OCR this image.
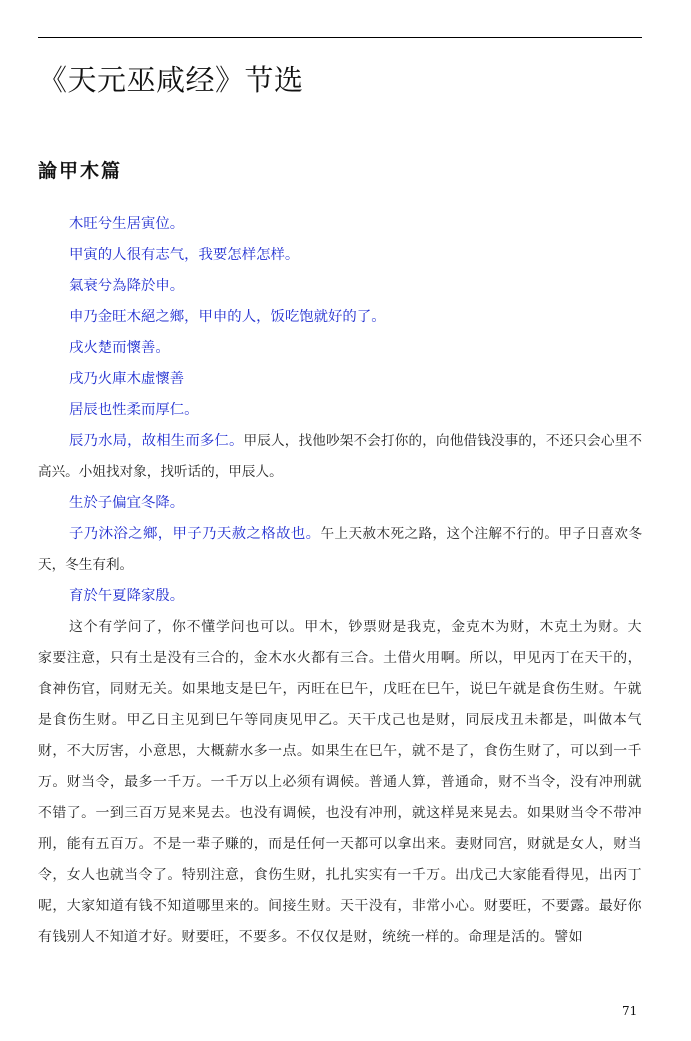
《天元巫咸经》节选
論甲木篇

木旺兮生居寅位。

甲寅的人很有志气，我要怎样怎样。

氣衰兮為降於申。

申乃金旺木絕之鄉，甲申的人，饭吃饱就好的了。

戌火楚而懷善。

戌乃火庫木虛懷善

居辰也性柔而厚仁。

辰乃水局，故相生而多仁。甲辰人，找他吵架不会打你的，向他借钱没事的，不还只会心里不高兴。小姐找对象，找听话的，甲辰人。

生於子偏宜冬降。

子乃沐浴之鄉，甲子乃天赦之格故也。午上天赦木死之路，这个注解不行的。甲子日喜欢冬天，冬生有利。

育於午夏降家殷。

这个有学问了，你不懂学问也可以。甲木，钞票财是我克，金克木为财，木克土为财。大家要注意，只有土是没有三合的，金木水火都有三合。土借火用啊。所以，甲见丙丁在天干的，食神伤官，同财无关。如果地支是巳午，丙旺在巳午，戊旺在巳午，说巳午就是食伤生财。午就是食伤生财。甲乙日主见到巳午等同庚见甲乙。天干戊己也是财，同辰戌丑未都是，叫做本气财，不大厉害，小意思，大概薪水多一点。如果生在巳午，就不是了，食伤生财了，可以到一千万。财当令，最多一千万。一千万以上必须有调候。普通人算，普通命，财不当令，没有冲刑就不错了。一到三百万晃来晃去。也没有调候，也没有冲刑，就这样晃来晃去。如果财当令不带冲刑，能有五百万。不是一辈子赚的，而是任何一天都可以拿出来。妻财同宫，财就是女人，财当令，女人也就当令了。特别注意，食伤生财，扎扎实实有一千万。出戊己大家能看得见，出丙丁呢，大家知道有钱不知道哪里来的。间接生财。天干没有，非常小心。财要旺，不要露。最好你有钱别人不知道才好。财要旺，不要多。不仅仅是财，统统一样的。命理是活的。譬如

71
